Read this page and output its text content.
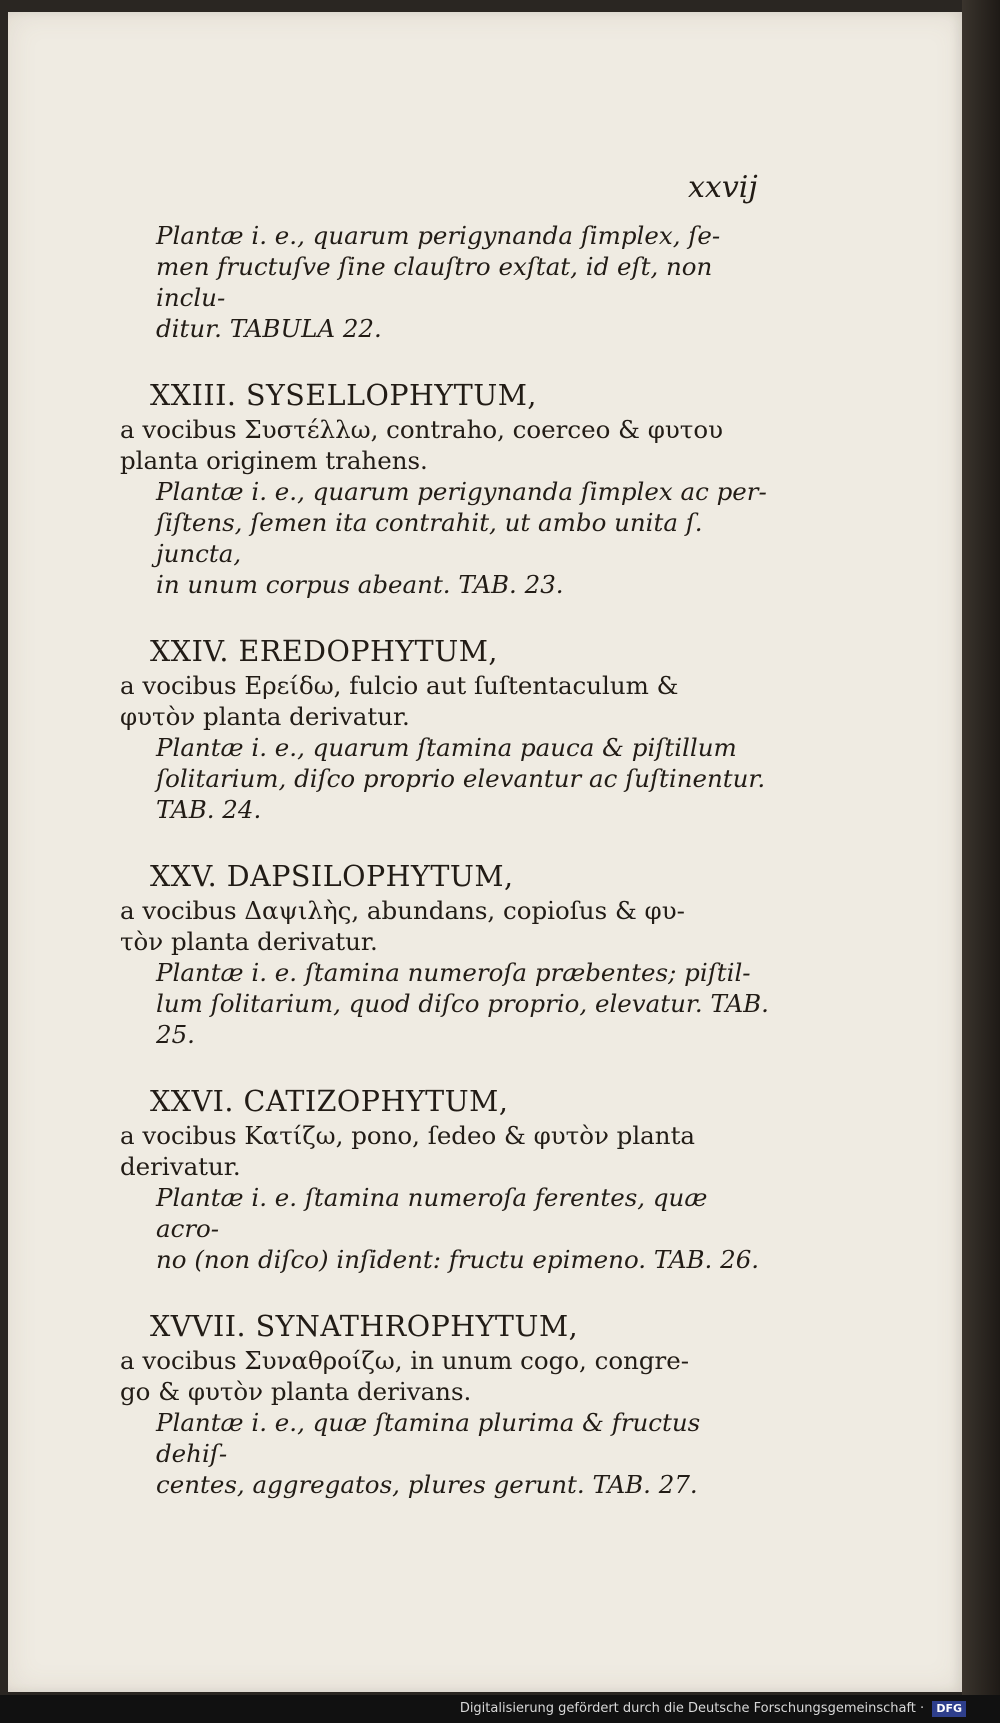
xxvij
Plantæ i. e., quarum perigynanda ſimplex, ſe-
men fructuſve ſine clauſtro exſtat, id eſt, non inclu-
ditur. TABULA 22.
XXIII. SYSELLOPHYTUM,
a vocibus Συστέλλω, contraho, coerceo & φυτου
planta originem trahens.
Plantæ i. e., quarum perigynanda ſimplex ac per-
ſiſtens, ſemen ita contrahit, ut ambo unita ſ. juncta,
in unum corpus abeant. TAB. 23.
XXIV. EREDOPHYTUM,
a vocibus Ερείδω, fulcio aut ſuſtentaculum &
φυτὸν planta derivatur.
Plantæ i. e., quarum ſtamina pauca & piſtillum
ſolitarium, diſco proprio elevantur ac ſuſtinentur.
TAB. 24.
XXV. DAPSILOPHYTUM,
a vocibus Δαψιλὴς, abundans, copioſus & φυ-
τὸν planta derivatur.
Plantæ i. e. ſtamina numeroſa præbentes; piſtil-
lum ſolitarium, quod diſco proprio, elevatur. TAB. 25.
XXVI. CATIZOPHYTUM,
a vocibus Κατίζω, pono, ſedeo & φυτὸν planta
derivatur.
Plantæ i. e. ſtamina numeroſa ferentes, quæ acro-
no (non diſco) inſident: fructu epimeno. TAB. 26.
XVVII. SYNATHROPHYTUM,
a vocibus Συναθροίζω, in unum cogo, congre-
go & φυτὸν planta derivans.
Plantæ i. e., quæ ſtamina plurima & fructus dehiſ-
centes, aggregatos, plures gerunt. TAB. 27.
Digitalisierung gefördert durch die Deutsche Forschungsgemeinschaft · DFG
